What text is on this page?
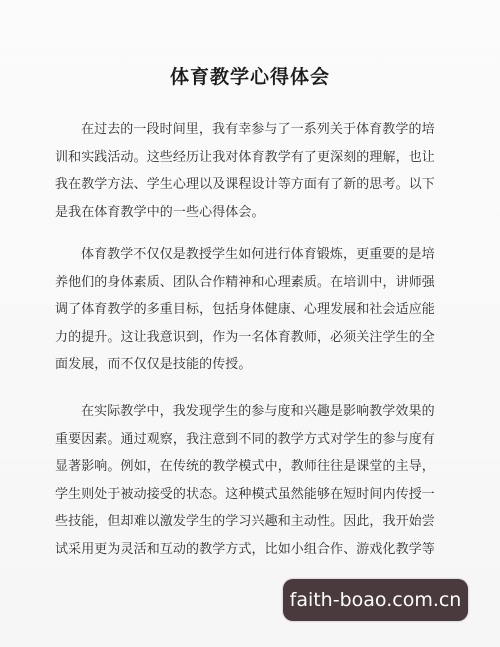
体育教学心得体会
在过去的一段时间里，我有幸参与了一系列关于体育教学的培
训和实践活动。这些经历让我对体育教学有了更深刻的理解，也让
我在教学方法、学生心理以及课程设计等方面有了新的思考。以下
是我在体育教学中的一些心得体会。
体育教学不仅仅是教授学生如何进行体育锻炼，更重要的是培
养他们的身体素质、团队合作精神和心理素质。在培训中，讲师强
调了体育教学的多重目标，包括身体健康、心理发展和社会适应能
力的提升。这让我意识到，作为一名体育教师，必须关注学生的全
面发展，而不仅仅是技能的传授。
在实际教学中，我发现学生的参与度和兴趣是影响教学效果的
重要因素。通过观察，我注意到不同的教学方式对学生的参与度有
显著影响。例如，在传统的教学模式中，教师往往是课堂的主导，
学生则处于被动接受的状态。这种模式虽然能够在短时间内传授一
些技能，但却难以激发学生的学习兴趣和主动性。因此，我开始尝
试采用更为灵活和互动的教学方式，比如小组合作、游戏化教学等
faith-boao.com.cn
